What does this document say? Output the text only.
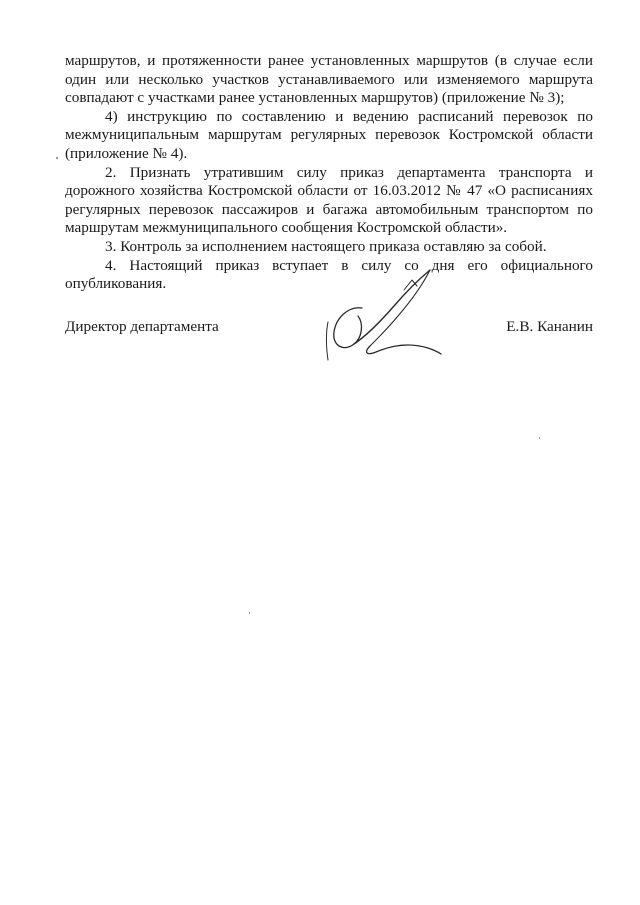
маршрутов, и протяженности ранее установленных маршрутов (в случае если один или несколько участков устанавливаемого или изменяемого маршрута совпадают с участками ранее установленных маршрутов) (приложение № 3);

4) инструкцию по составлению и ведению расписаний перевозок по межмуниципальным маршрутам регулярных перевозок Костромской области (приложение № 4).

2. Признать утратившим силу приказ департамента транспорта и дорожного хозяйства Костромской области от 16.03.2012 № 47 «О расписаниях регулярных перевозок пассажиров и багажа автомобильным транспортом по маршрутам межмуниципального сообщения Костромской области».

3. Контроль за исполнением настоящего приказа оставляю за собой.

4. Настоящий приказ вступает в силу со дня его официального опубликования.

Директор департамента	Е.В. Кананин
